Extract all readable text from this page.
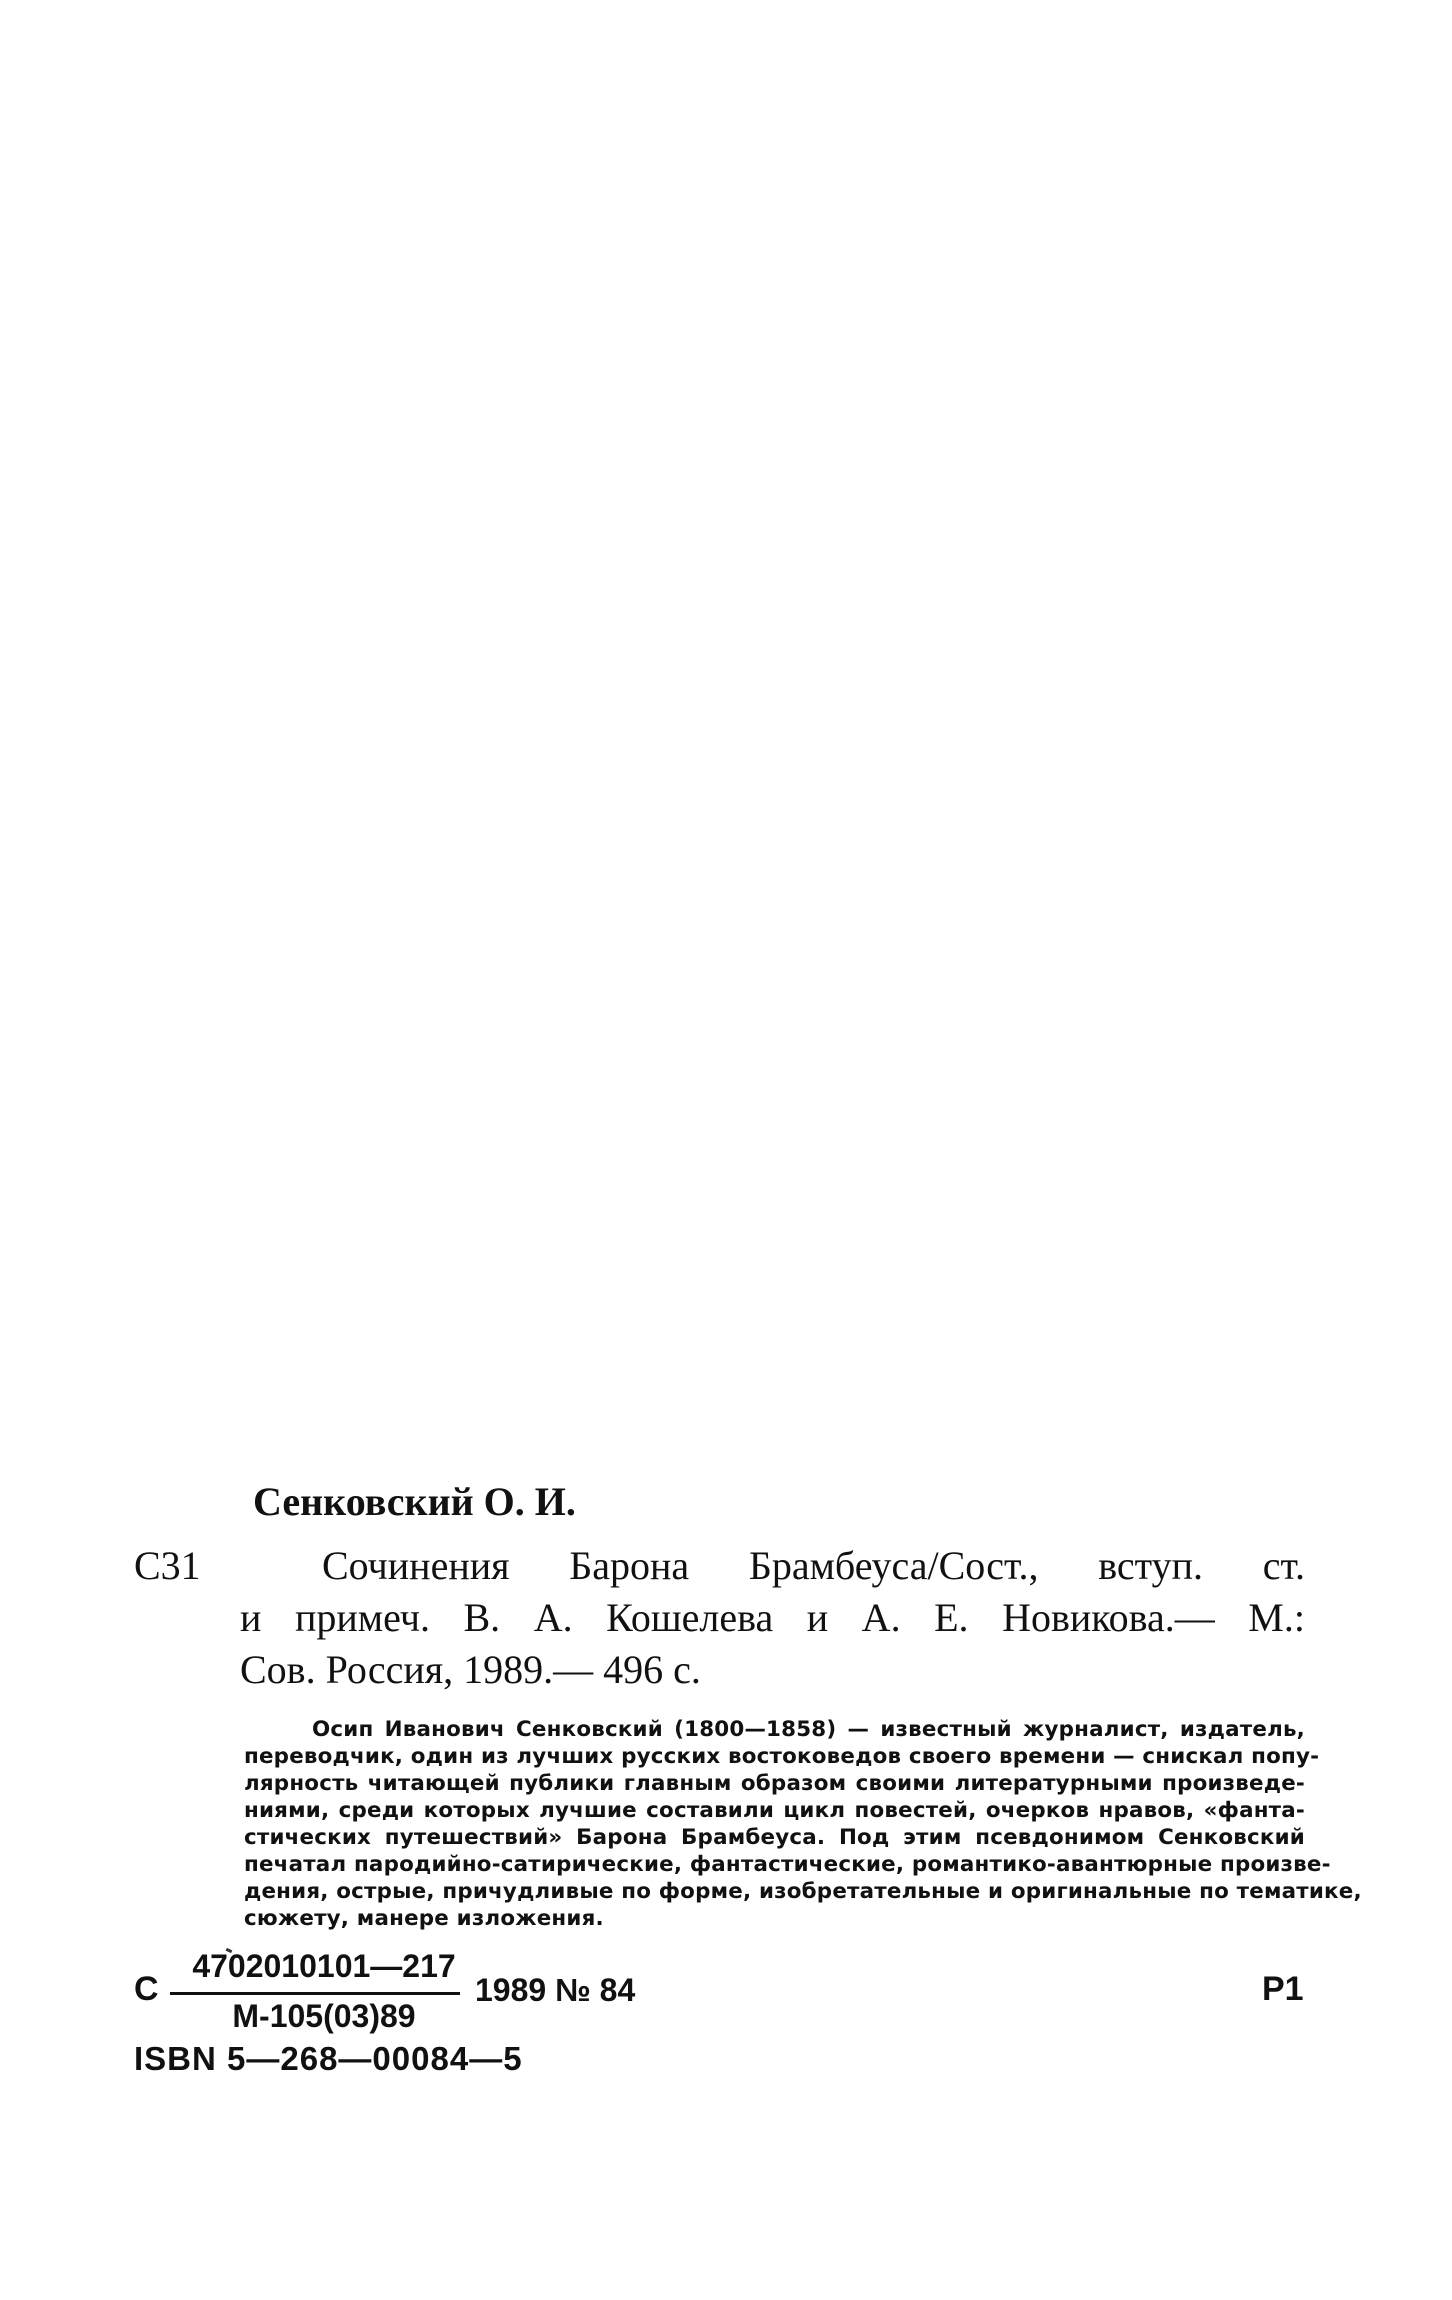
Сенковский О. И.
С31	Сочинения Барона Брамбеуса/Сост., вступ. ст.
и примеч. В. А. Кошелева и А. Е. Новикова.— М.:
Сов. Россия, 1989.— 496 с.
Осип Иванович Сенковский (1800—1858) — известный журналист, издатель,
переводчик, один из лучших русских востоковедов своего времени — снискал попу-
лярность читающей публики главным образом своими литературными произведе-
ниями, среди которых лучшие составили цикл повестей, очерков нравов, «фанта-
стических путешествий» Барона Брамбеуса. Под этим псевдонимом Сенковский
печатал пародийно-сатирические, фантастические, романтико-авантюрные произве-
дения, острые, причудливые по форме, изобретательные и оригинальные по тематике,
сюжету, манере изложения.
С
4702010101—217
М-105(03)89
1989 № 84	Р1
ISBN 5—268—00084—5
